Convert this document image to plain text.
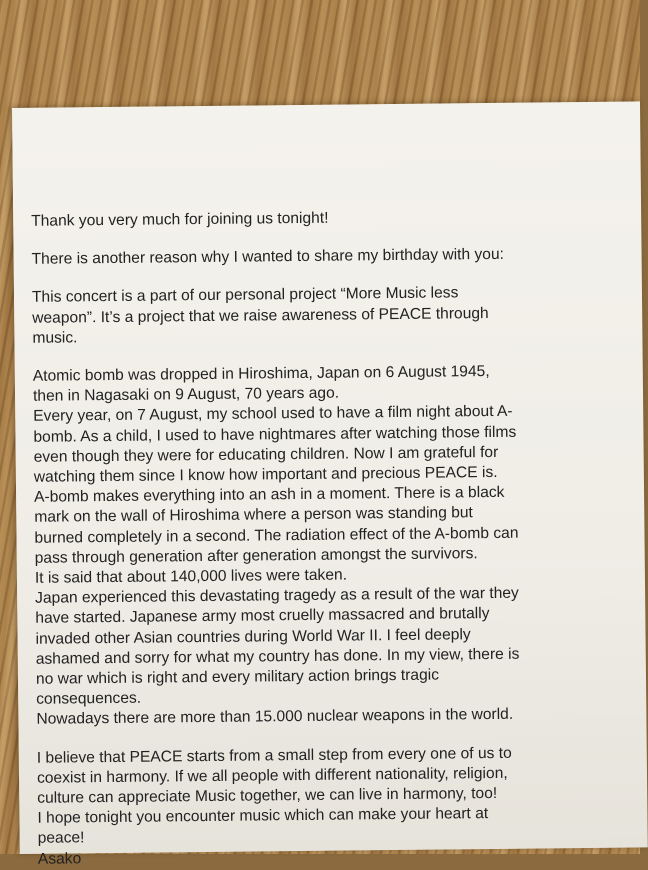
Thank you very much for joining us tonight!

There is another reason why I wanted to share my birthday with you:

This concert is a part of our personal project “More Music less
weapon”. It’s a project that we raise awareness of PEACE through
music.

Atomic bomb was dropped in Hiroshima, Japan on 6 August 1945,
then in Nagasaki on 9 August, 70 years ago.
Every year, on 7 August, my school used to have a film night about A-
bomb. As a child, I used to have nightmares after watching those films
even though they were for educating children. Now I am grateful for
watching them since I know how important and precious PEACE is.
A-bomb makes everything into an ash in a moment. There is a black
mark on the wall of Hiroshima where a person was standing but
burned completely in a second. The radiation effect of the A-bomb can
pass through generation after generation amongst the survivors.
It is said that about 140,000 lives were taken.
Japan experienced this devastating tragedy as a result of the war they
have started. Japanese army most cruelly massacred and brutally
invaded other Asian countries during World War II. I feel deeply
ashamed and sorry for what my country has done. In my view, there is
no war which is right and every military action brings tragic
consequences.
Nowadays there are more than 15.000 nuclear weapons in the world.

I believe that PEACE starts from a small step from every one of us to
coexist in harmony. If we all people with different nationality, religion,
culture can appreciate Music together, we can live in harmony, too!
I hope tonight you encounter music which can make your heart at
peace!
Asako
